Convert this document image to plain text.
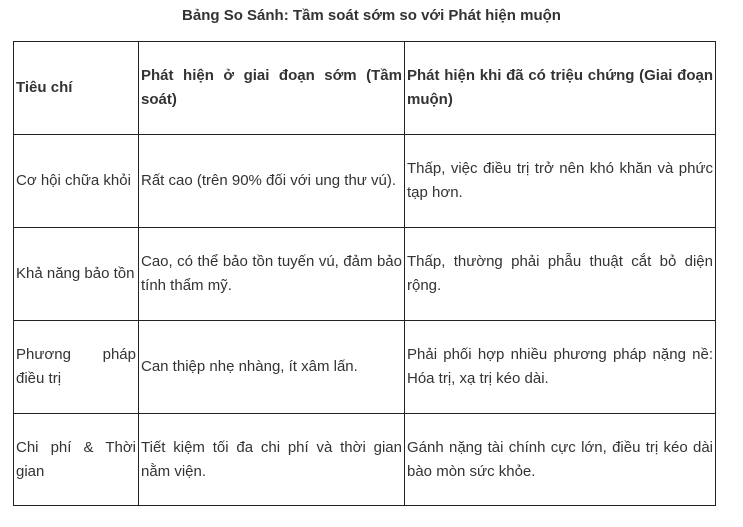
Bảng So Sánh: Tầm soát sớm so với Phát hiện muộn
Tiêu chí	Phát hiện ở giai đoạn sớm (Tầm soát)	Phát hiện khi đã có triệu chứng (Giai đoạn muộn)
Cơ hội chữa khỏi	Rất cao (trên 90% đối với ung thư vú).	Thấp, việc điều trị trở nên khó khăn và phức tạp hơn.
Khả năng bảo tồn	Cao, có thể bảo tồn tuyến vú, đảm bảo tính thẩm mỹ.	Thấp, thường phải phẫu thuật cắt bỏ diện rộng.
Phương pháp điều trị	Can thiệp nhẹ nhàng, ít xâm lấn.	Phải phối hợp nhiều phương pháp nặng nề: Hóa trị, xạ trị kéo dài.
Chi phí & Thời gian	Tiết kiệm tối đa chi phí và thời gian nằm viện.	Gánh nặng tài chính cực lớn, điều trị kéo dài bào mòn sức khỏe.
